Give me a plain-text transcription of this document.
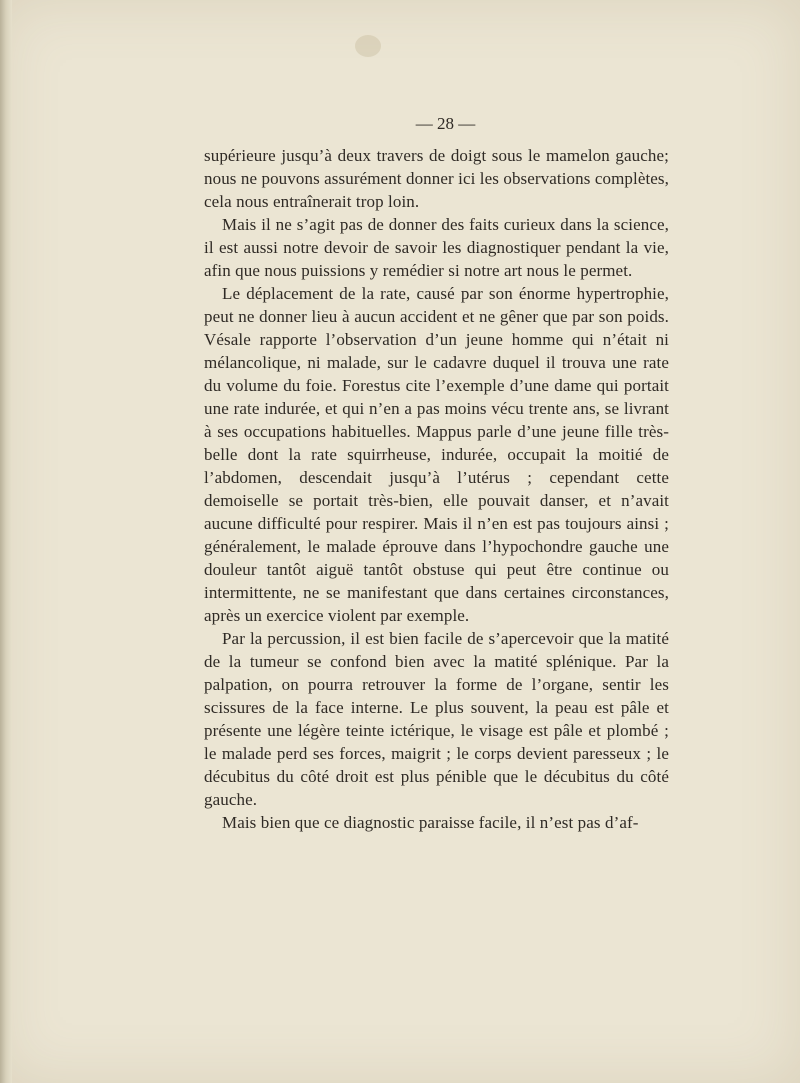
— 28 —

supérieure jusqu’à deux travers de doigt sous le mamelon gauche; nous ne pouvons assurément donner ici les observations complètes, cela nous entraînerait trop loin.

Mais il ne s’agit pas de donner des faits curieux dans la science, il est aussi notre devoir de savoir les diagnostiquer pendant la vie, afin que nous puissions y remédier si notre art nous le permet.

Le déplacement de la rate, causé par son énorme hypertrophie, peut ne donner lieu à aucun accident et ne gêner que par son poids. Vésale rapporte l’observation d’un jeune homme qui n’était ni mélancolique, ni malade, sur le cadavre duquel il trouva une rate du volume du foie. Forestus cite l’exemple d’une dame qui portait une rate indurée, et qui n’en a pas moins vécu trente ans, se livrant à ses occupations habituelles. Mappus parle d’une jeune fille très-belle dont la rate squirrheuse, indurée, occupait la moitié de l’abdomen, descendait jusqu’à l’utérus ; cependant cette demoiselle se portait très-bien, elle pouvait danser, et n’avait aucune difficulté pour respirer. Mais il n’en est pas toujours ainsi ; généralement, le malade éprouve dans l’hypochondre gauche une douleur tantôt aiguë tantôt obstuse qui peut être continue ou intermittente, ne se manifestant que dans certaines circonstances, après un exercice violent par exemple.

Par la percussion, il est bien facile de s’apercevoir que la matité de la tumeur se confond bien avec la matité splénique. Par la palpation, on pourra retrouver la forme de l’organe, sentir les scissures de la face interne. Le plus souvent, la peau est pâle et présente une légère teinte ictérique, le visage est pâle et plombé ; le malade perd ses forces, maigrit ; le corps devient paresseux ; le décubitus du côté droit est plus pénible que le décubitus du côté gauche.

Mais bien que ce diagnostic paraisse facile, il n’est pas d’af-
